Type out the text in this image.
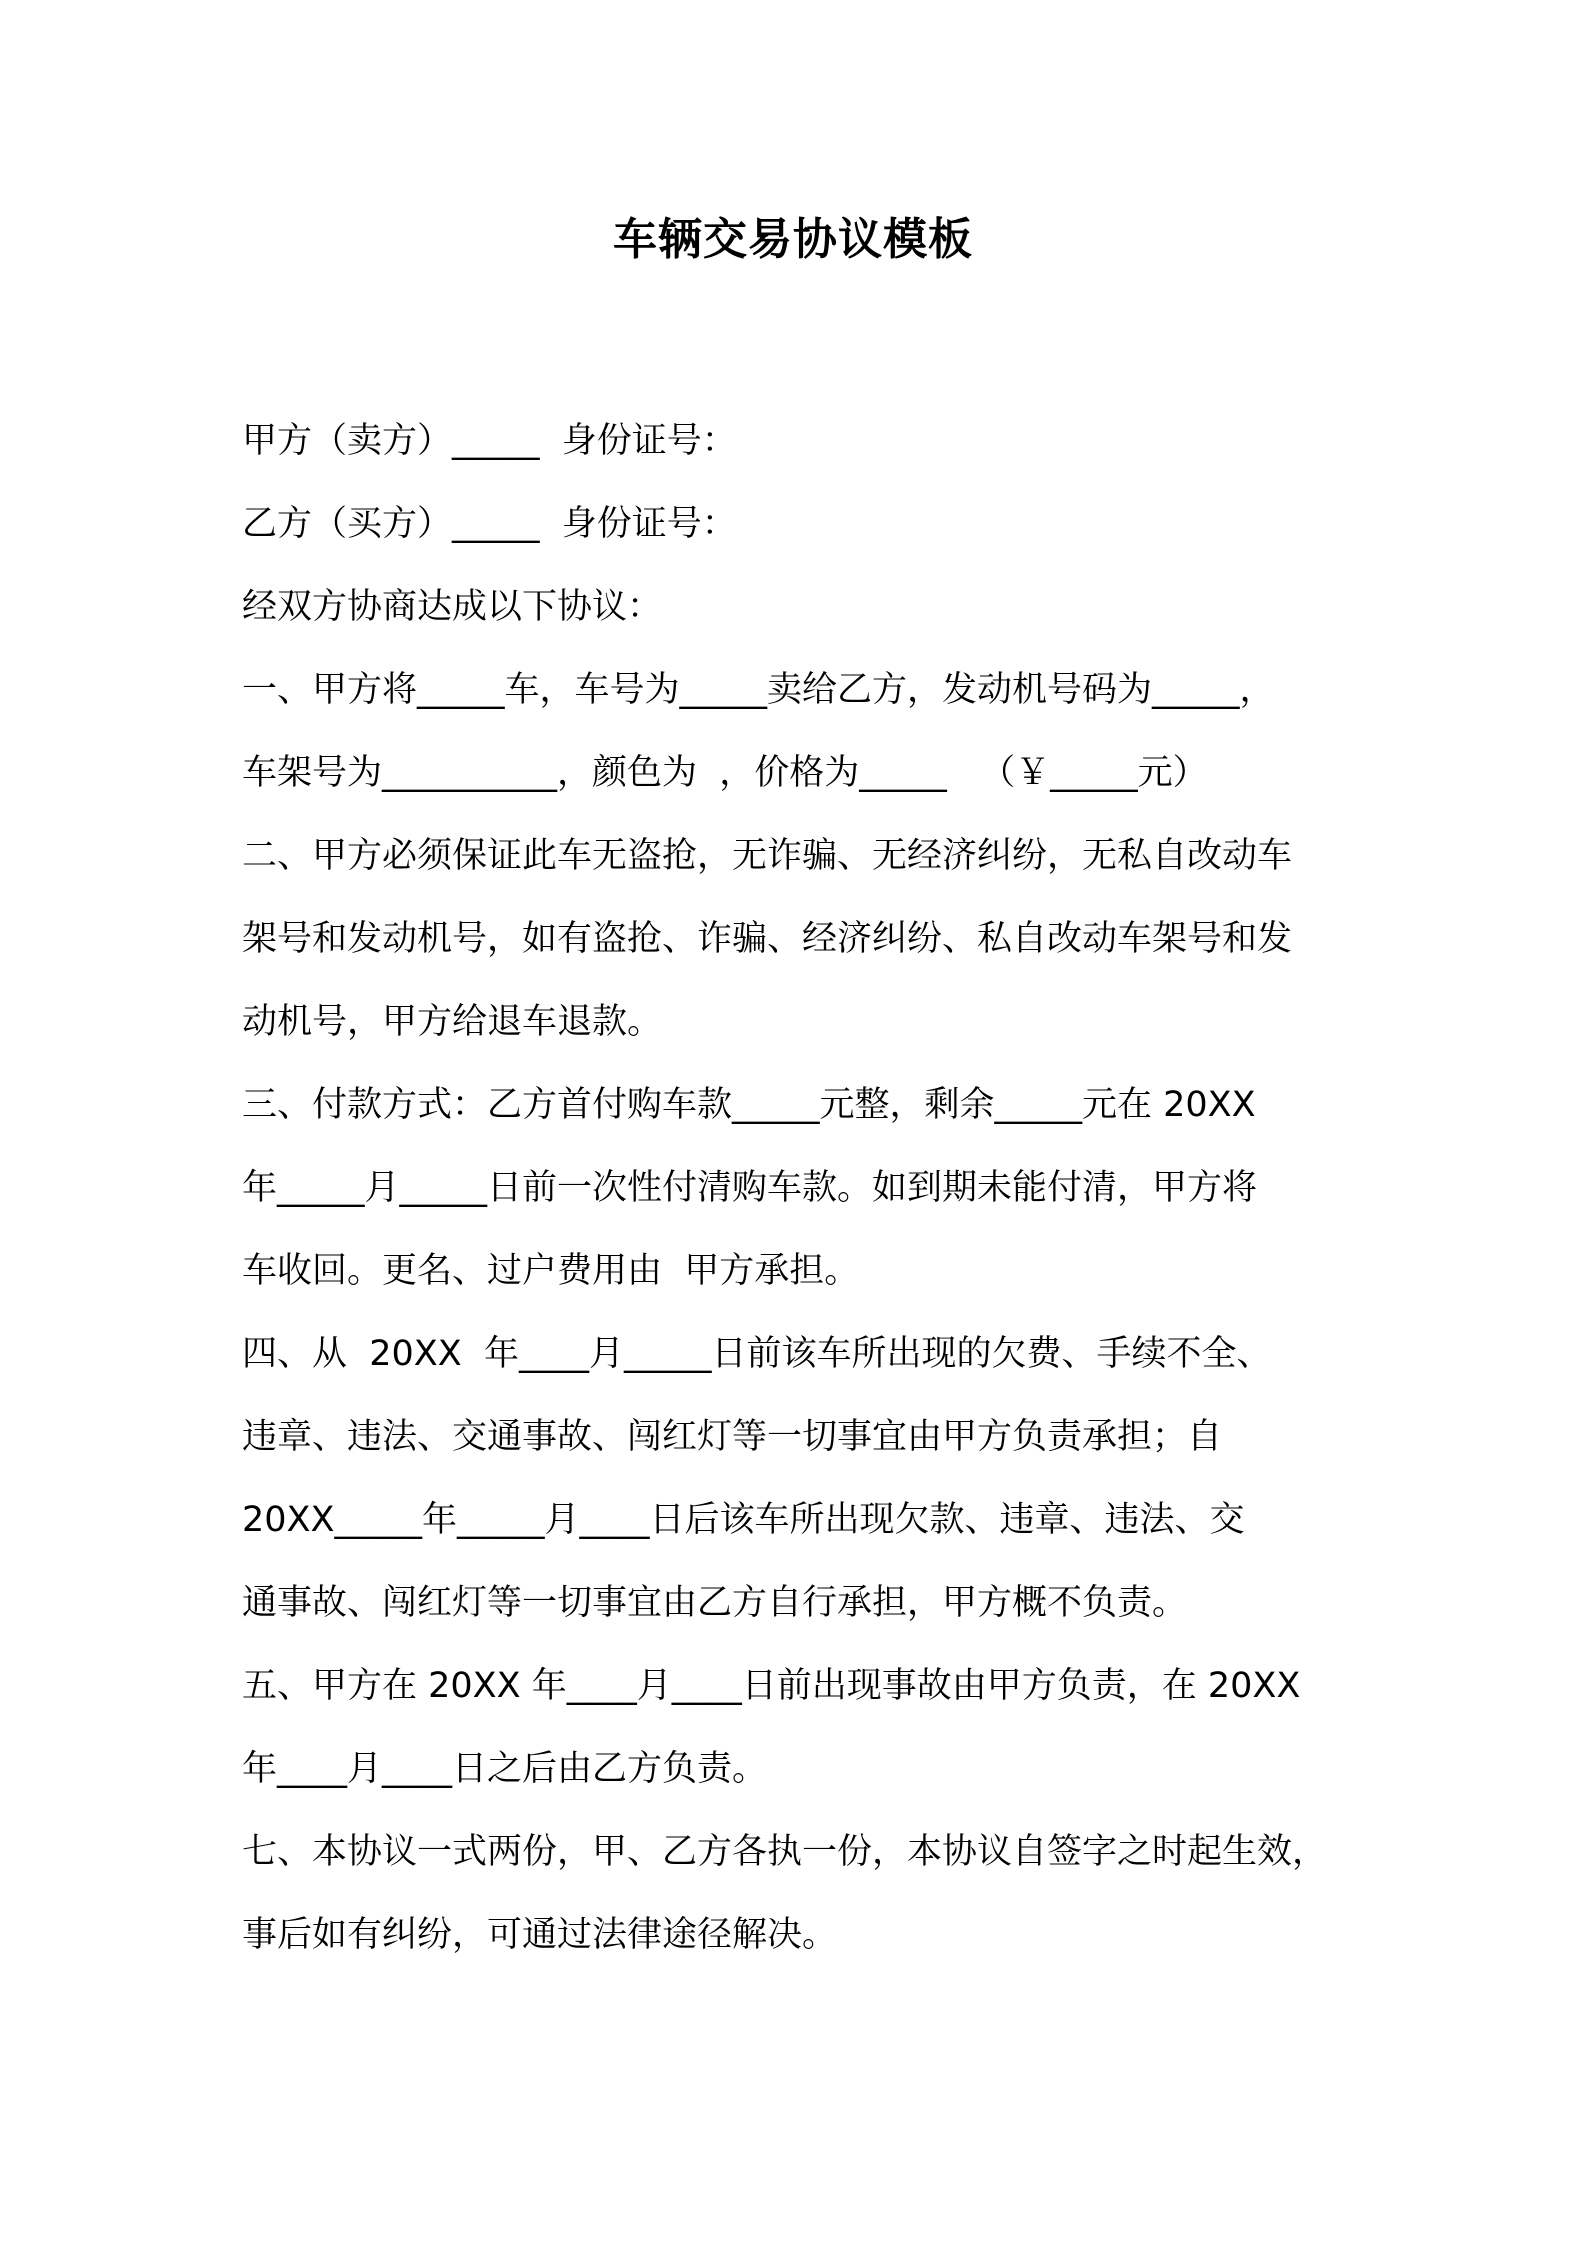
车辆交易协议模板

甲方（卖方）_____  身份证号：

乙方（买方）_____  身份证号：

经双方协商达成以下协议：

一、甲方将_____车，车号为_____卖给乙方，发动机号码为_____，

车架号为__________，颜色为  ，价格为_____   （￥_____元）

二、甲方必须保证此车无盗抢，无诈骗、无经济纠纷，无私自改动车

架号和发动机号，如有盗抢、诈骗、经济纠纷、私自改动车架号和发

动机号，甲方给退车退款。

三、付款方式：乙方首付购车款_____元整，剩余_____元在 20XX

年_____月_____日前一次性付清购车款。如到期未能付清，甲方将

车收回。更名、过户费用由  甲方承担。

四、从  20XX  年____月_____日前该车所出现的欠费、手续不全、

违章、违法、交通事故、闯红灯等一切事宜由甲方负责承担；自

20XX_____年_____月____日后该车所出现欠款、违章、违法、交

通事故、闯红灯等一切事宜由乙方自行承担，甲方概不负责。

五、甲方在 20XX 年____月____日前出现事故由甲方负责，在 20XX

年____月____日之后由乙方负责。

七、本协议一式两份，甲、乙方各执一份，本协议自签字之时起生效，

事后如有纠纷，可通过法律途径解决。
